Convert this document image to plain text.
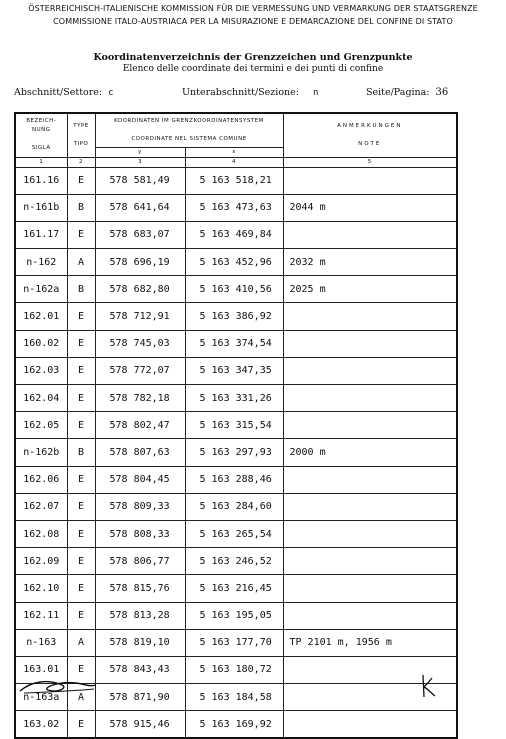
ÖSTERREICHISCH-ITALIENISCHE KOMMISSION FÜR DIE VERMESSUNG UND VERMARKUNG DER STAATSGRENZE
COMMISSIONE ITALO-AUSTRIACA PER LA MISURAZIONE E DEMARCAZIONE DEL CONFINE DI STATO
Koordinatenverzeichnis der Grenzzeichen und Grenzpunkte
Elenco delle coordinate dei termini e dei punti di confine
Abschnitt/Settore: c	Unterabschnitt/Sezione: n	Seite/Pagina: 36
BEZEICH-
NUNG

SIGLA	TYPE

TIPO	KOORDINATEN IM GRENZKOORDINATENSYSTEM

COORDINATE NEL SISTEMA COMUNE		ANMERKUNGEN

NOTE
		y	x	
1	2	3	4	5
161.16	E	578 581,49	5 163 518,21	
n-161b	B	578 641,64	5 163 473,63	2044 m
161.17	E	578 683,07	5 163 469,84	
n-162	A	578 696,19	5 163 452,96	2032 m
n-162a	B	578 682,80	5 163 410,56	2025 m
162.01	E	578 712,91	5 163 386,92	
160.02	E	578 745,03	5 163 374,54	
162.03	E	578 772,07	5 163 347,35	
162.04	E	578 782,18	5 163 331,26	
162.05	E	578 802,47	5 163 315,54	
n-162b	B	578 807,63	5 163 297,93	2000 m
162.06	E	578 804,45	5 163 288,46	
162.07	E	578 809,33	5 163 284,60	
162.08	E	578 808,33	5 163 265,54	
162.09	E	578 806,77	5 163 246,52	
162.10	E	578 815,76	5 163 216,45	
162.11	E	578 813,28	5 163 195,05	
n-163	A	578 819,10	5 163 177,70	TP 2101 m, 1956 m
163.01	E	578 843,43	5 163 180,72	
n-163a	A	578 871,90	5 163 184,58	
163.02	E	578 915,46	5 163 169,92	
